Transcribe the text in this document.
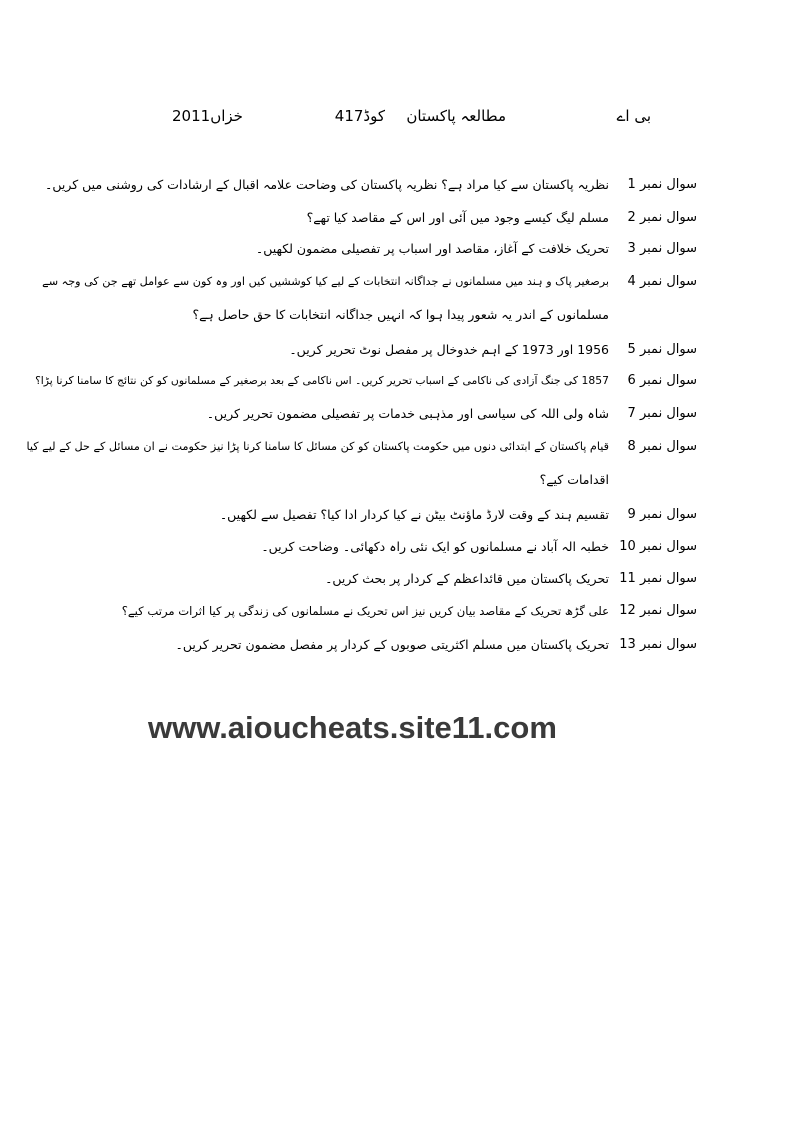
بی اے
مطالعہ پاکستان
کوڈ417
خزاں2011
سوال نمبر 1
نظریہ پاکستان سے کیا مراد ہے؟ نظریہ پاکستان کی وضاحت علامہ اقبال کے ارشادات کی روشنی میں کریں۔
سوال نمبر 2
مسلم لیگ کیسے وجود میں آئی اور اس کے مقاصد کیا تھے؟
سوال نمبر 3
تحریک خلافت کے آغاز، مقاصد اور اسباب پر تفصیلی مضمون لکھیں۔
سوال نمبر 4
برصغیر پاک و ہند میں مسلمانوں نے جداگانہ انتخابات کے لیے کیا کوششیں کیں اور وہ کون سے عوامل تھے جن کی وجہ سے
مسلمانوں کے اندر یہ شعور پیدا ہوا کہ انہیں جداگانہ انتخابات کا حق حاصل ہے؟
سوال نمبر 5
1956 اور 1973 کے اہم خدوخال پر مفصل نوٹ تحریر کریں۔
سوال نمبر 6
1857 کی جنگ آزادی کی ناکامی کے اسباب تحریر کریں۔ اس ناکامی کے بعد برصغیر کے مسلمانوں کو کن نتائج کا سامنا کرنا پڑا؟
سوال نمبر 7
شاہ ولی اللہ کی سیاسی اور مذہبی خدمات پر تفصیلی مضمون تحریر کریں۔
سوال نمبر 8
قیام پاکستان کے ابتدائی دنوں میں حکومت پاکستان کو کن مسائل کا سامنا کرنا پڑا نیز حکومت نے ان مسائل کے حل کے لیے کیا
اقدامات کیے؟
سوال نمبر 9
تقسیم ہند کے وقت لارڈ ماؤنٹ بیٹن نے کیا کردار ادا کیا؟ تفصیل سے لکھیں۔
سوال نمبر 10
خطبہ الہ آباد نے مسلمانوں کو ایک نئی راہ دکھائی۔ وضاحت کریں۔
سوال نمبر 11
تحریک پاکستان میں قائداعظم کے کردار پر بحث کریں۔
سوال نمبر 12
علی گڑھ تحریک کے مقاصد بیان کریں نیز اس تحریک نے مسلمانوں کی زندگی پر کیا اثرات مرتب کیے؟
سوال نمبر 13
تحریک پاکستان میں مسلم اکثریتی صوبوں کے کردار پر مفصل مضمون تحریر کریں۔
www.aioucheats.site11.com
